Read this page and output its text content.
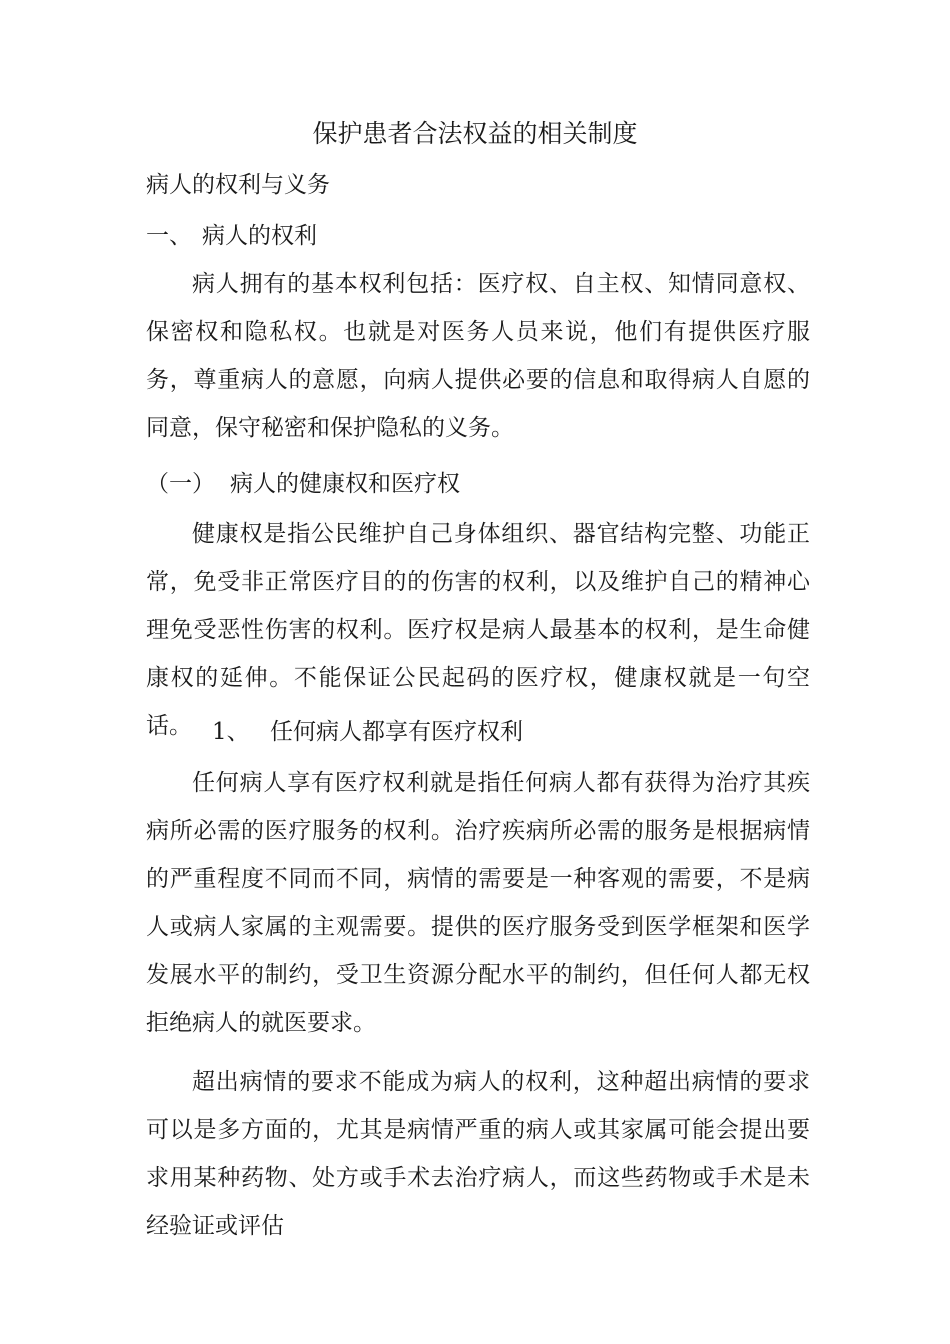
保护患者合法权益的相关制度
病人的权利与义务
一、 病人的权利
病人拥有的基本权利包括：医疗权、自主权、知情同意权、保密权和隐私权。也就是对医务人员来说，他们有提供医疗服务，尊重病人的意愿，向病人提供必要的信息和取得病人自愿的同意，保守秘密和保护隐私的义务。
（一） 病人的健康权和医疗权
健康权是指公民维护自己身体组织、器官结构完整、功能正常，免受非正常医疗目的的伤害的权利，以及维护自己的精神心理免受恶性伤害的权利。医疗权是病人最基本的权利，是生命健康权的延伸。不能保证公民起码的医疗权，健康权就是一句空话。 1、 任何病人都享有医疗权利
任何病人享有医疗权利就是指任何病人都有获得为治疗其疾病所必需的医疗服务的权利。治疗疾病所必需的服务是根据病情的严重程度不同而不同，病情的需要是一种客观的需要，不是病人或病人家属的主观需要。提供的医疗服务受到医学框架和医学发展水平的制约，受卫生资源分配水平的制约，但任何人都无权拒绝病人的就医要求。
超出病情的要求不能成为病人的权利，这种超出病情的要求可以是多方面的，尤其是病情严重的病人或其家属可能会提出要求用某种药物、处方或手术去治疗病人，而这些药物或手术是未经验证或评估
